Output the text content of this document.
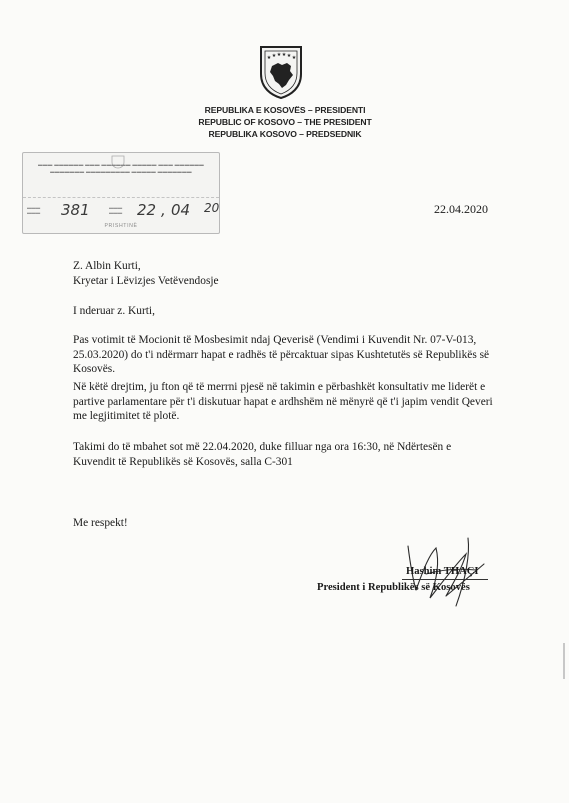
★ ★ ★ ★ ★ ★
REPUBLIKA E KOSOVËS – PRESIDENTI
REPUBLIC OF KOSOVO – THE PRESIDENT
REPUBLIKA KOSOVO – PREDSEDNIK
▬▬▬ ▬▬▬▬▬▬ ▬▬▬ ▬▬▬▬▬▬ ▬▬▬▬▬ ▬▬▬ ▬▬▬▬▬▬
▬▬▬▬▬▬▬ ▬▬▬▬▬▬▬▬▬ ▬▬▬▬▬ ▬▬▬▬▬▬▬
▬▬▬
▬▬▬ 381	▬▬▬
▬▬▬ 22 , 04 20
PRISHTINË
22.04.2020
Z. Albin Kurti,
Kryetar i Lëvizjes Vetëvendosje
I nderuar z. Kurti,
Pas votimit të Mocionit të Mosbesimit ndaj Qeverisë (Vendimi i Kuvendit Nr. 07-V-013, 25.03.2020) do t'i ndërmarr hapat e radhës të përcaktuar sipas Kushtetutës së Republikës së Kosovës.
Në këtë drejtim, ju fton që të merrni pjesë në takimin e përbashkët konsultativ me liderët e partive parlamentare për t'i diskutuar hapat e ardhshëm në mënyrë që t'i japim vendit Qeveri me legjitimitet të plotë.
Takimi do të mbahet sot më 22.04.2020, duke filluar nga ora 16:30, në Ndërtesën e Kuvendit të Republikës së Kosovës, salla C-301
Me respekt!
Hashim THAÇI
President i Republikës së Kosovës
